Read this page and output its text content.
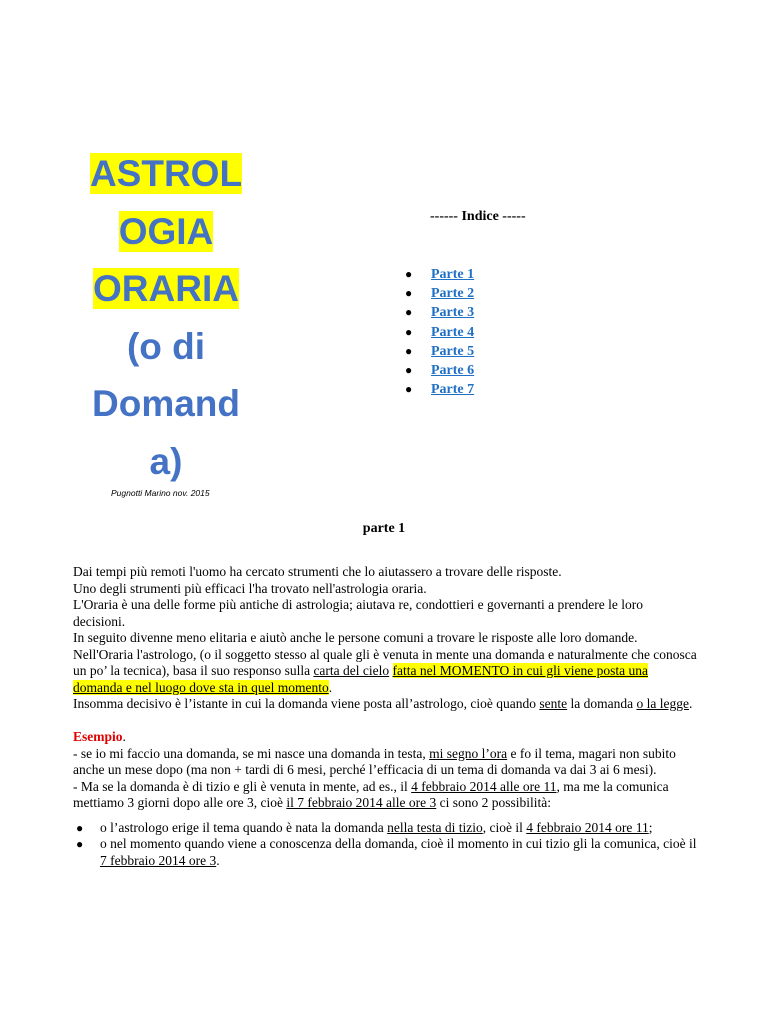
ASTROL
OGIA
ORARIA
(o di
Domand
a)
Pugnotti Marino nov. 2015
------ Indice -----
● Parte 1
● Parte 2
● Parte 3
● Parte 4
● Parte 5
● Parte 6
● Parte 7
parte 1

Dai tempi più remoti l'uomo ha cercato strumenti che lo aiutassero a trovare delle risposte.

Uno degli strumenti più efficaci l'ha trovato nell'astrologia oraria.

L'Oraria è una delle forme più antiche di astrologia; aiutava re, condottieri e governanti a prendere le loro decisioni.

In seguito divenne meno elitaria e aiutò anche le persone comuni a trovare le risposte alle loro domande.

Nell'Oraria l'astrologo, (o il soggetto stesso al quale gli è venuta in mente una domanda e naturalmente che conosca un po’ la tecnica), basa il suo responso sulla carta del cielo fatta nel MOMENTO in cui gli viene posta una domanda e nel luogo dove sta in quel momento.

Insomma decisivo è l’istante in cui la domanda viene posta all’astrologo, cioè quando sente la domanda o la legge.

Esempio.

- se io mi faccio una domanda, se mi nasce una domanda in testa, mi segno l’ora e fo il tema, magari non subito anche un mese dopo (ma non + tardi di 6 mesi, perché l’efficacia di un tema di domanda va dai 3 ai 6 mesi).

- Ma se la domanda è di tizio e gli è venuta in mente, ad es., il 4 febbraio 2014 alle ore 11, ma me la comunica mettiamo 3 giorni dopo alle ore 3, cioè il 7 febbraio 2014 alle ore 3 ci sono 2 possibilità:

● o l’astrologo erige il tema quando è nata la domanda nella testa di tizio, cioè il 4 febbraio 2014 ore 11;
● o nel momento quando viene a conoscenza della domanda, cioè il momento in cui tizio gli la comunica, cioè il 7 febbraio 2014 ore 3.
